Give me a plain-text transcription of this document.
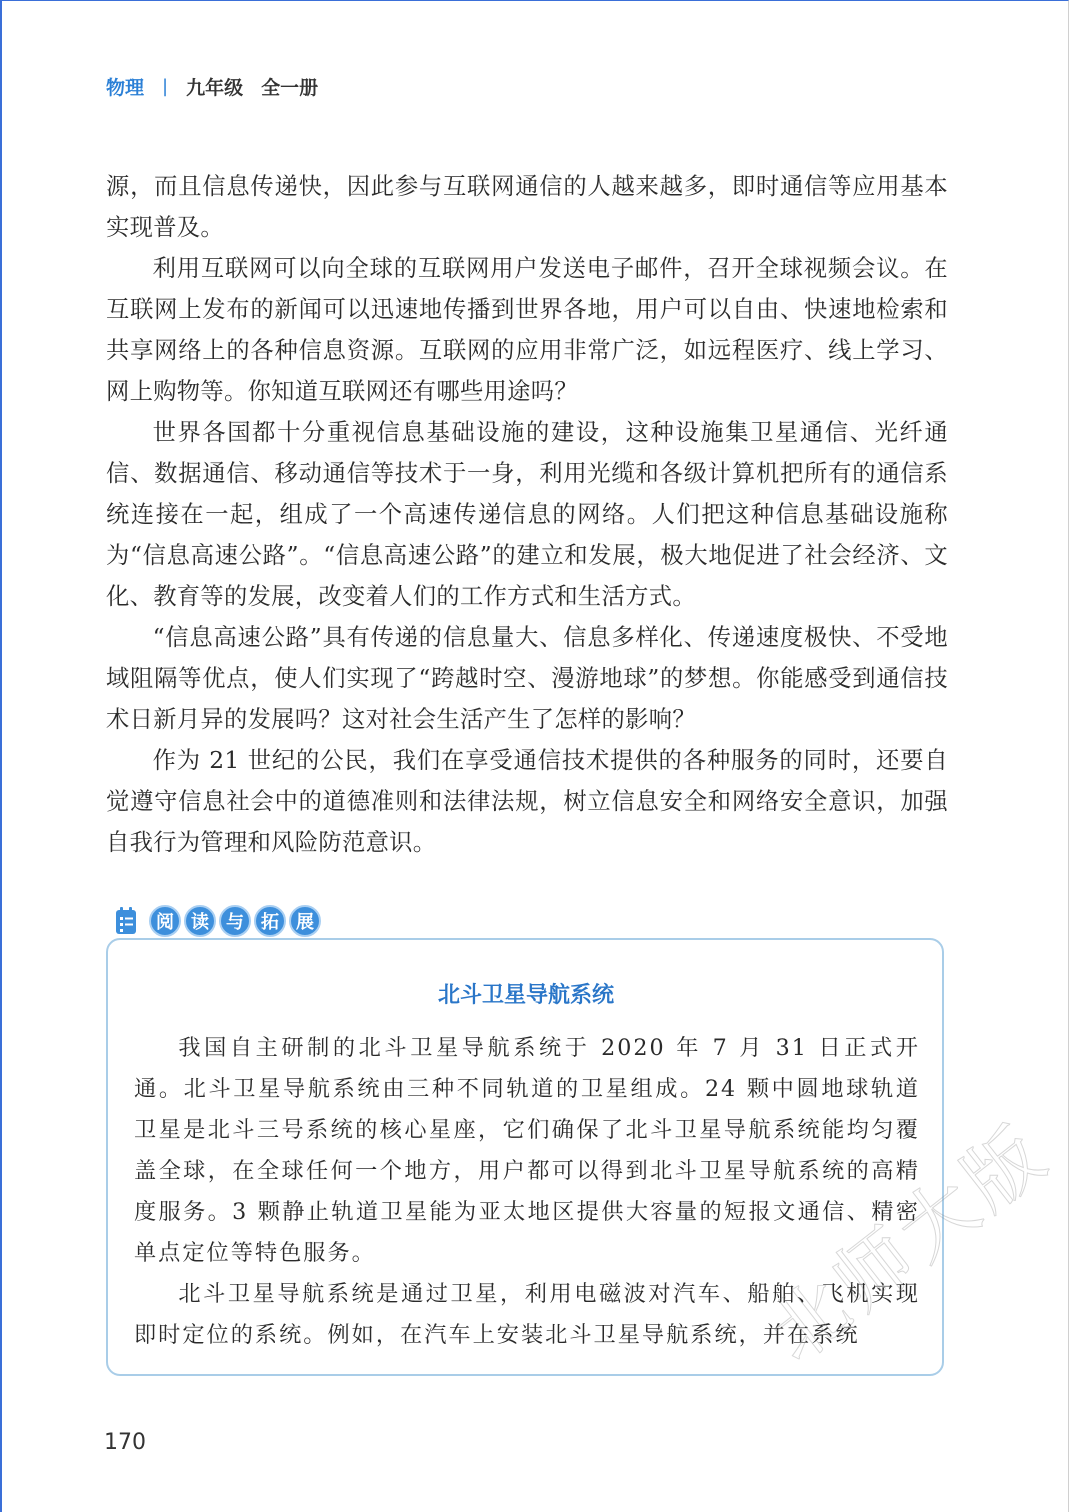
物理 | 九年级 全一册

源，而且信息传递快，因此参与互联网通信的人越来越多，即时通信等应用基本实现普及。

利用互联网可以向全球的互联网用户发送电子邮件，召开全球视频会议。在互联网上发布的新闻可以迅速地传播到世界各地，用户可以自由、快速地检索和共享网络上的各种信息资源。互联网的应用非常广泛，如远程医疗、线上学习、网上购物等。你知道互联网还有哪些用途吗？

世界各国都十分重视信息基础设施的建设，这种设施集卫星通信、光纤通信、数据通信、移动通信等技术于一身，利用光缆和各级计算机把所有的通信系统连接在一起，组成了一个高速传递信息的网络。人们把这种信息基础设施称为“信息高速公路”。“信息高速公路”的建立和发展，极大地促进了社会经济、文化、教育等的发展，改变着人们的工作方式和生活方式。

“信息高速公路”具有传递的信息量大、信息多样化、传递速度极快、不受地域阻隔等优点，使人们实现了“跨越时空、漫游地球”的梦想。你能感受到通信技术日新月异的发展吗？这对社会生活产生了怎样的影响？

作为 21 世纪的公民，我们在享受通信技术提供的各种服务的同时，还要自觉遵守信息社会中的道德准则和法律法规，树立信息安全和网络安全意识，加强自我行为管理和风险防范意识。

阅 读 与 拓 展
北斗卫星导航系统

我国自主研制的北斗卫星导航系统于 2020 年 7 月 31 日正式开通。北斗卫星导航系统由三种不同轨道的卫星组成。24 颗中圆地球轨道卫星是北斗三号系统的核心星座，它们确保了北斗卫星导航系统能均匀覆盖全球，在全球任何一个地方，用户都可以得到北斗卫星导航系统的高精度服务。3 颗静止轨道卫星能为亚太地区提供大容量的短报文通信、精密单点定位等特色服务。

北斗卫星导航系统是通过卫星，利用电磁波对汽车、船舶、飞机实现即时定位的系统。例如，在汽车上安装北斗卫星导航系统，并在系统

170
